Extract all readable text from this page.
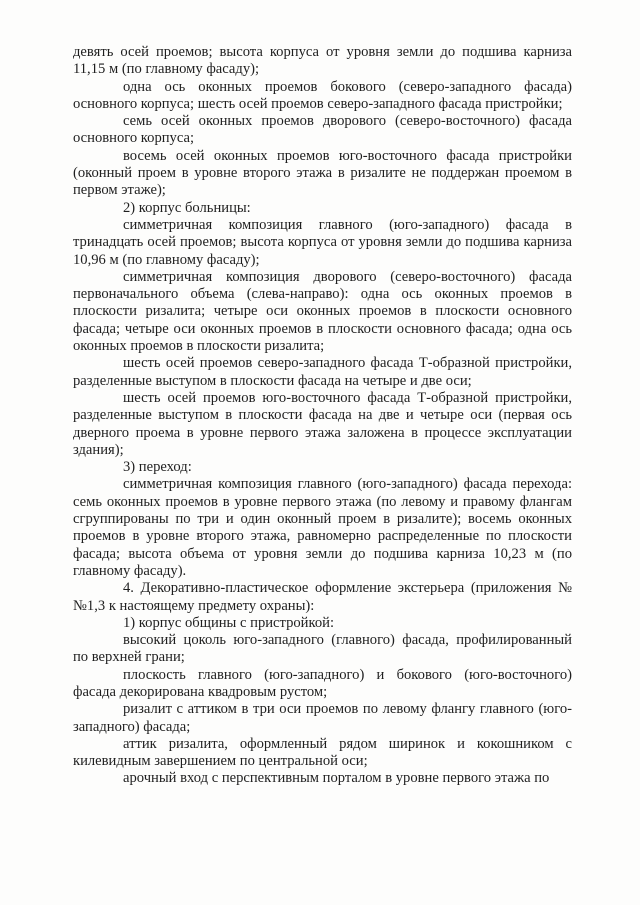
девять осей проемов; высота корпуса от уровня земли до подшива карниза 11,15 м (по главному фасаду);

одна ось оконных проемов бокового (северо-западного фасада) основного корпуса; шесть осей проемов северо-западного фасада пристройки;

семь осей оконных проемов дворового (северо-восточного) фасада основного корпуса;

восемь осей оконных проемов юго-восточного фасада пристройки (оконный проем в уровне второго этажа в ризалите не поддержан проемом в первом этаже);

2) корпус больницы:

симметричная композиция главного (юго-западного) фасада в тринадцать осей проемов; высота корпуса от уровня земли до подшива карниза 10,96 м (по главному фасаду);

симметричная композиция дворового (северо-восточного) фасада первоначального объема (слева-направо): одна ось оконных проемов в плоскости ризалита; четыре оси оконных проемов в плоскости основного фасада; четыре оси оконных проемов в плоскости основного фасада; одна ось оконных проемов в плоскости ризалита;

шесть осей проемов северо-западного фасада Т-образной пристройки, разделенные выступом в плоскости фасада на четыре и две оси;

шесть осей проемов юго-восточного фасада Т-образной пристройки, разделенные выступом в плоскости фасада на две и четыре оси (первая ось дверного проема в уровне первого этажа заложена в процессе эксплуатации здания);

3) переход:

симметричная композиция главного (юго-западного) фасада перехода: семь оконных проемов в уровне первого этажа (по левому и правому флангам сгруппированы по три и один оконный проем в ризалите); восемь оконных проемов в уровне второго этажа, равномерно распределенные по плоскости фасада; высота объема от уровня земли до подшива карниза 10,23 м (по главному фасаду).

4. Декоративно-пластическое оформление экстерьера (приложения №№1,3 к настоящему предмету охраны):

1) корпус общины с пристройкой:

высокий цоколь юго-западного (главного) фасада, профилированный по верхней грани;

плоскость главного (юго-западного) и бокового (юго-восточного) фасада декорирована квадровым рустом;

ризалит с аттиком в три оси проемов по левому флангу главного (юго-западного) фасада;

аттик ризалита, оформленный рядом ширинок и кокошником с килевидным завершением по центральной оси;

арочный вход с перспективным порталом в уровне первого этажа по
